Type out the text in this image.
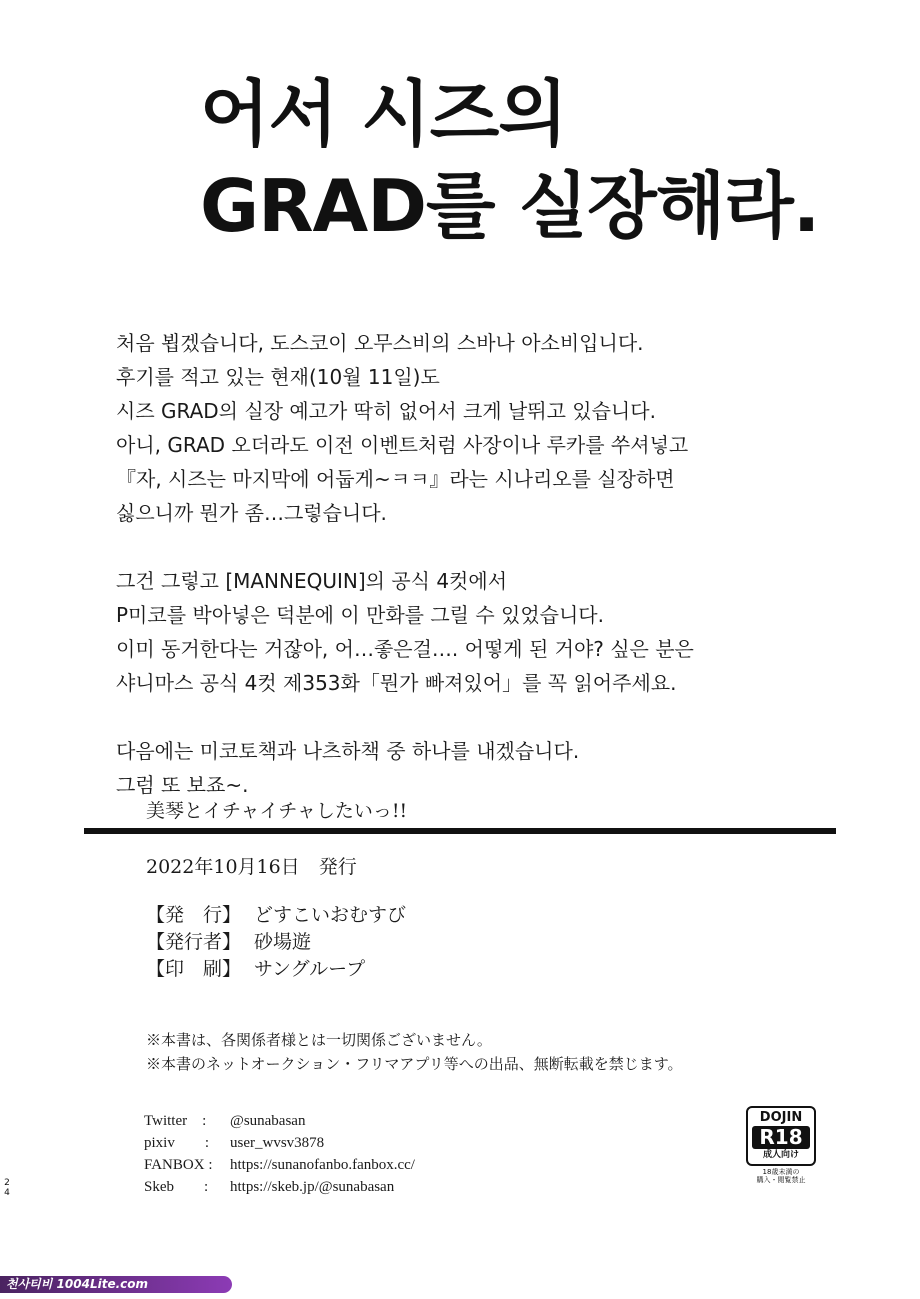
어서 시즈의
GRAD를 실장해라.
처음 뵙겠습니다, 도스코이 오무스비의 스바나 아소비입니다.
후기를 적고 있는 현재(10월 11일)도
시즈 GRAD의 실장 예고가 딱히 없어서 크게 날뛰고 있습니다.
아니, GRAD 오더라도 이전 이벤트처럼 사장이나 루카를 쑤셔넣고
『자, 시즈는 마지막에 어둡게~ㅋㅋ』라는 시나리오를 실장하면
싫으니까 뭔가 좀…그렇습니다.
그건 그렇고 [MANNEQUIN]의 공식 4컷에서
P미코를 박아넣은 덕분에 이 만화를 그릴 수 있었습니다.
이미 동거한다는 거잖아, 어…좋은걸…. 어떻게 된 거야? 싶은 분은
샤니마스 공식 4컷 제353화「뭔가 빠져있어」를 꼭 읽어주세요.
다음에는 미코토책과 나츠하책 중 하나를 내겠습니다.
그럼 또 보죠~.
美琴とイチャイチャしたいっ!!
2022年10月16日　発行
【発　行】 どすこいおむすび
【発行者】 砂場遊
【印　刷】 サングループ
※本書は、各関係者様とは一切関係ございません。
※本書のネットオークション・フリマアプリ等への出品、無断転載を禁じます。
Twitter　:	@sunabasan
pixiv　　:	user_wvsv3878
FANBOX :	https://sunanofanbo.fanbox.cc/
Skeb　　:	https://skeb.jp/@sunabasan
2
4
DOJIN
R18
成人向け
18歳未満の
購入・閲覧禁止
천사티비 1004Lite.com
